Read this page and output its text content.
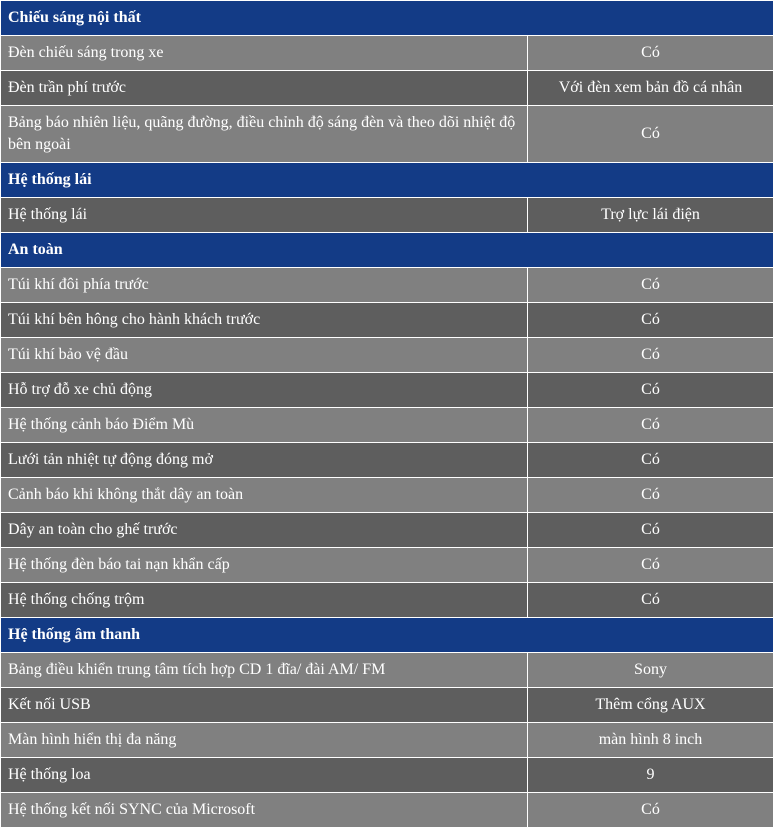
Chiếu sáng nội thất	
Đèn chiếu sáng trong xe	Có
Đèn trần phí trước	Với đèn xem bản đồ cá nhân
Bảng báo nhiên liệu, quãng đường, điều chỉnh độ sáng đèn và theo dõi nhiệt độ bên ngoài	Có
Hệ thống lái	
Hệ thống lái	Trợ lực lái điện
An toàn	
Túi khí đôi phía trước	Có
Túi khí bên hông cho hành khách trước	Có
Túi khí bảo vệ đầu	Có
Hỗ trợ đỗ xe chủ động	Có
Hệ thống cảnh báo Điểm Mù	Có
Lưới tản nhiệt tự động đóng mở	Có
Cảnh báo khi không thắt dây an toàn	Có
Dây an toàn cho ghế trước	Có
Hệ thống đèn báo tai nạn khẩn cấp	Có
Hệ thống chống trộm	Có
Hệ thống âm thanh	
Bảng điều khiển trung tâm tích hợp CD 1 đĩa/ đài AM/ FM	Sony
Kết nối USB	Thêm cổng AUX
Màn hình hiển thị đa năng	màn hình 8 inch
Hệ thống loa	9
Hệ thống kết nối SYNC của Microsoft	Có
